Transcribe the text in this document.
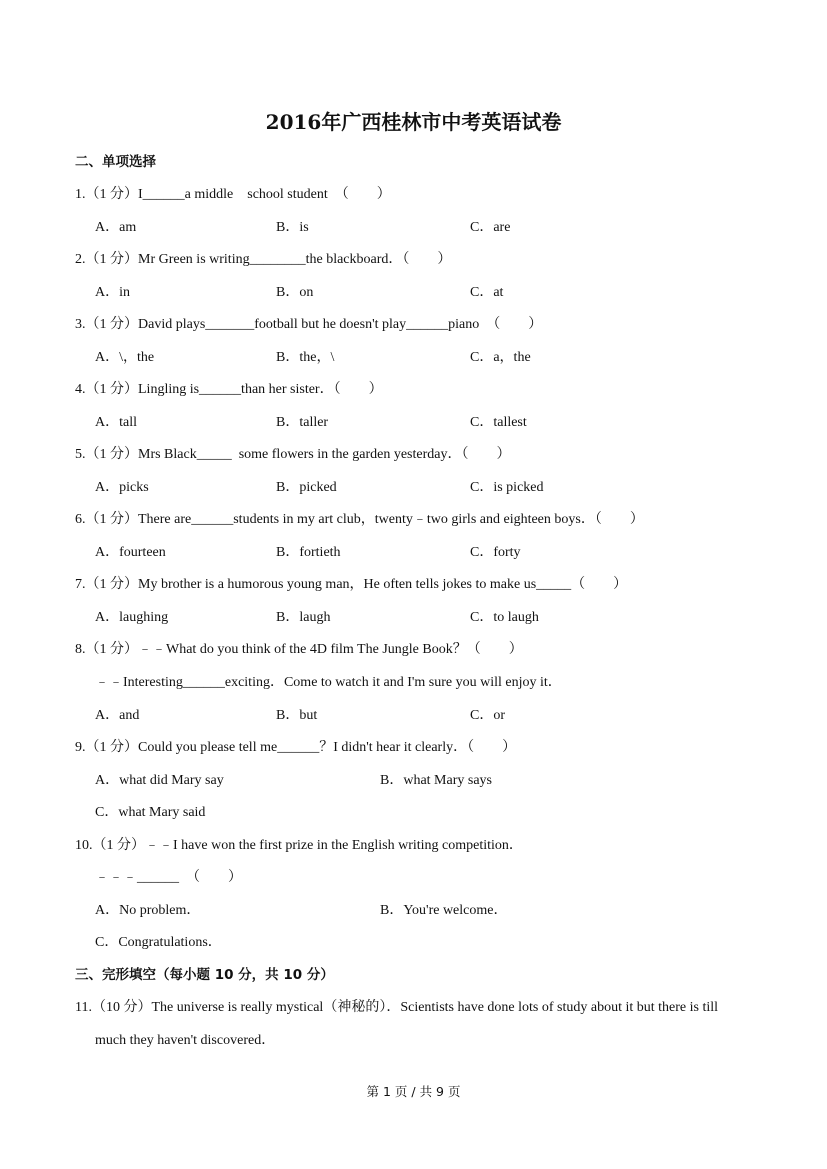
2016年广西桂林市中考英语试卷
二、单项选择
1.（1 分）I______a middle    school student  （        ）
A．am	B．is	C．are
2.（1 分）Mr Green is writing________the blackboard．（        ）
A．in	B．on	C．at
3.（1 分）David plays_______football but he doesn't play______piano  （        ）
A．\，the	B．the，\	C．a，the
4.（1 分）Lingling is______than her sister．（        ）
A．tall	B．taller	C．tallest
5.（1 分）Mrs Black_____  some flowers in the garden yesterday．（        ）
A．picks	B．picked	C．is picked
6.（1 分）There are______students in my art club，twenty﹣two girls and eighteen boys．（        ）
A．fourteen	B．fortieth	C．forty
7.（1 分）My brother is a humorous young man，He often tells jokes to make us_____（        ）
A．laughing	B．laugh	C．to laugh
8.（1 分）﹣﹣What do you think of the 4D film The Jungle Book？（        ）
﹣﹣Interesting______exciting．Come to watch it and I'm sure you will enjoy it．
A．and	B．but	C．or
9.（1 分）Could you please tell me______？I didn't hear it clearly．（        ）
A．what did Mary say	B．what Mary says
C．what Mary said
10.（1 分）﹣﹣I have won the first prize in the English writing competition．
﹣﹣﹣______  （        ）
A．No problem．	B．You're welcome．
C．Congratulations．
三、完形填空（每小题 10 分，共 10 分）
11.（10 分）The universe is really mystical（神秘的）．Scientists have done lots of study about it but there is till
much they haven't discovered．
第 1 页 / 共 9 页
